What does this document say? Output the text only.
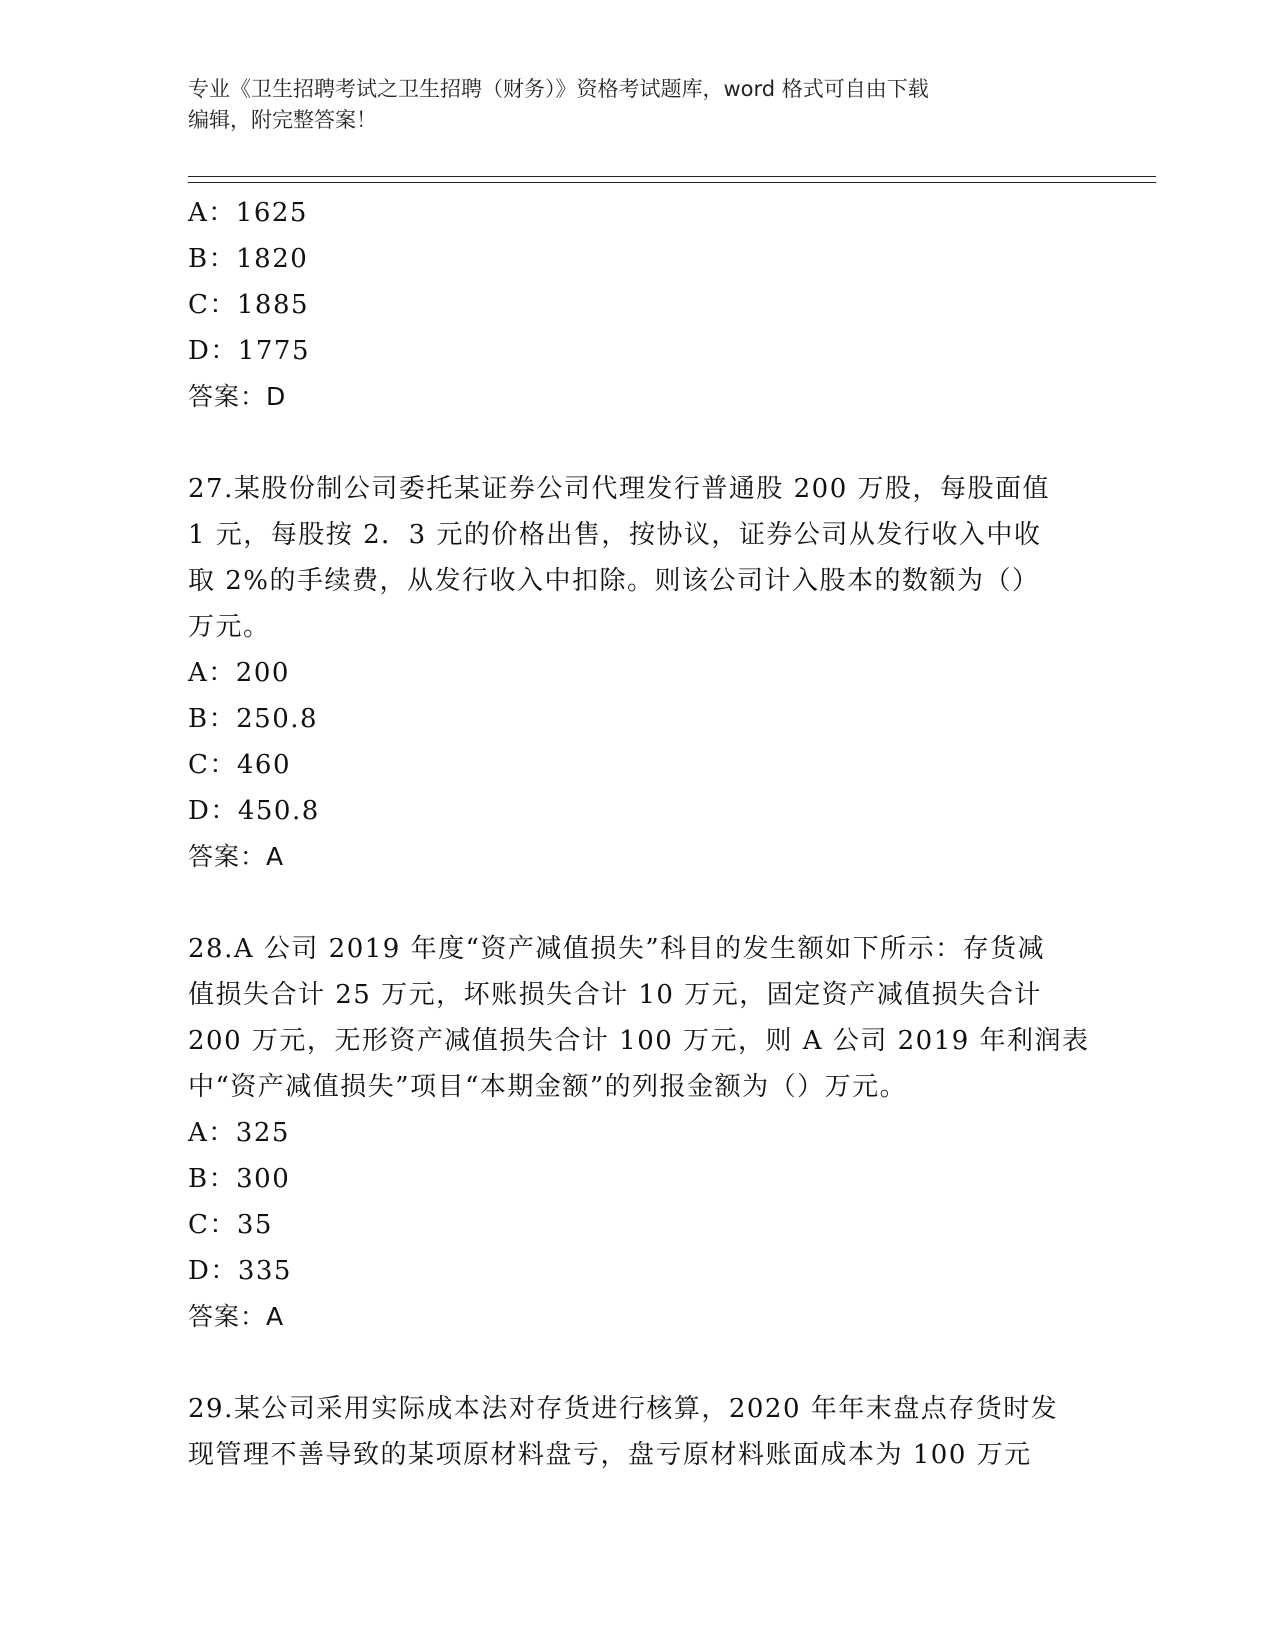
专业《卫生招聘考试之卫生招聘（财务）》资格考试题库，word 格式可自由下载
编辑，附完整答案！
A：1625
B：1820
C：1885
D：1775
答案：D
27.某股份制公司委托某证券公司代理发行普通股 200 万股，每股面值
1 元，每股按 2．3 元的价格出售，按协议，证券公司从发行收入中收
取 2%的手续费，从发行收入中扣除。则该公司计入股本的数额为（）
万元。
A：200
B：250.8
C：460
D：450.8
答案：A
28.A 公司 2019 年度“资产减值损失”科目的发生额如下所示：存货减
值损失合计 25 万元，坏账损失合计 10 万元，固定资产减值损失合计
200 万元，无形资产减值损失合计 100 万元，则 A 公司 2019 年利润表
中“资产减值损失”项目“本期金额”的列报金额为（）万元。
A：325
B：300
C：35
D：335
答案：A
29.某公司采用实际成本法对存货进行核算，2020 年年末盘点存货时发
现管理不善导致的某项原材料盘亏，盘亏原材料账面成本为 100 万元
